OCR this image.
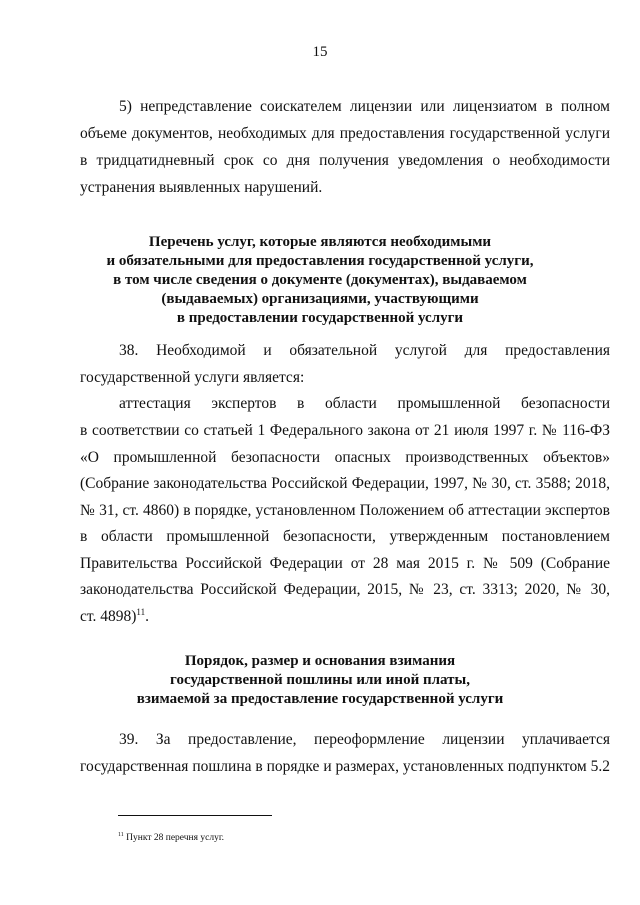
15
5) непредставление соискателем лицензии или лицензиатом в полном
объеме документов, необходимых для предоставления государственной услуги
в тридцатидневный срок со дня получения уведомления о необходимости
устранения выявленных нарушений.
Перечень услуг, которые являются необходимыми
и обязательными для предоставления государственной услуги,
в том числе сведения о документе (документах), выдаваемом
(выдаваемых) организациями, участвующими
в предоставлении государственной услуги
38. Необходимой и обязательной услугой для предоставления
государственной услуги является:
аттестация экспертов в области промышленной безопасности
в соответствии со статьей 1 Федерального закона от 21 июля 1997 г. № 116-ФЗ
«О промышленной безопасности опасных производственных объектов»
(Собрание законодательства Российской Федерации, 1997, № 30, ст. 3588; 2018,
№ 31, ст. 4860) в порядке, установленном Положением об аттестации экспертов
в области промышленной безопасности, утвержденным постановлением
Правительства Российской Федерации от 28 мая 2015 г. № 509 (Собрание
законодательства Российской Федерации, 2015, № 23, ст. 3313; 2020, № 30,
ст. 4898)$^{11}$.
Порядок, размер и основания взимания
государственной пошлины или иной платы,
взимаемой за предоставление государственной услуги
39. За предоставление, переоформление лицензии уплачивается
государственная пошлина в порядке и размерах, установленных подпунктом 5.2
$^{11}$ Пункт 28 перечня услуг.
